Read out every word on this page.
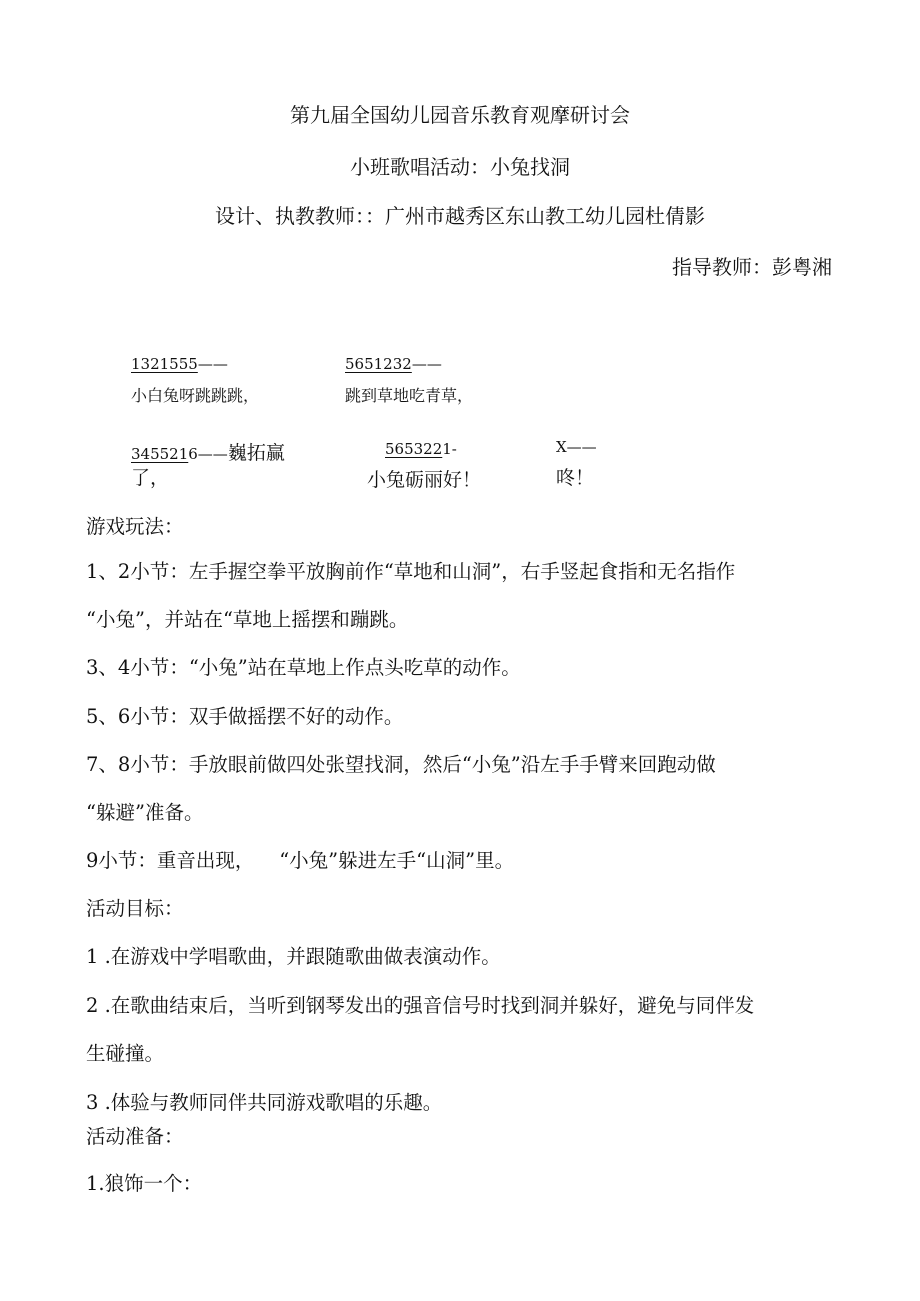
第九届全国幼儿园音乐教育观摩研讨会
小班歌唱活动：小兔找洞
设计、执教教师：：广州市越秀区东山教工幼儿园杜倩影
指导教师：彭粤湘
1321555——
小白兔呀跳跳跳，
5651232——
跳到草地吃青草，
3455216——巍拓赢
了，
5653221-
小兔砺丽好！
X——
咚！
游戏玩法：
1、2小节：左手握空拳平放胸前作“草地和山洞”，右手竖起食指和无名指作
“小兔”，并站在“草地上摇摆和蹦跳。
3、4小节：“小兔”站在草地上作点头吃草的动作。
5、6小节：双手做摇摆不好的动作。
7、8小节：手放眼前做四处张望找洞，然后“小兔”沿左手手臂来回跑动做
“躲避”准备。
9小节：重音出现，    “小兔”躲进左手“山洞”里。
活动目标：
1 .在游戏中学唱歌曲，并跟随歌曲做表演动作。
2 .在歌曲结束后，当听到钢琴发出的强音信号时找到洞并躲好，避免与同伴发
生碰撞。
3 .体验与教师同伴共同游戏歌唱的乐趣。
活动准备：
1.狼饰一个：
